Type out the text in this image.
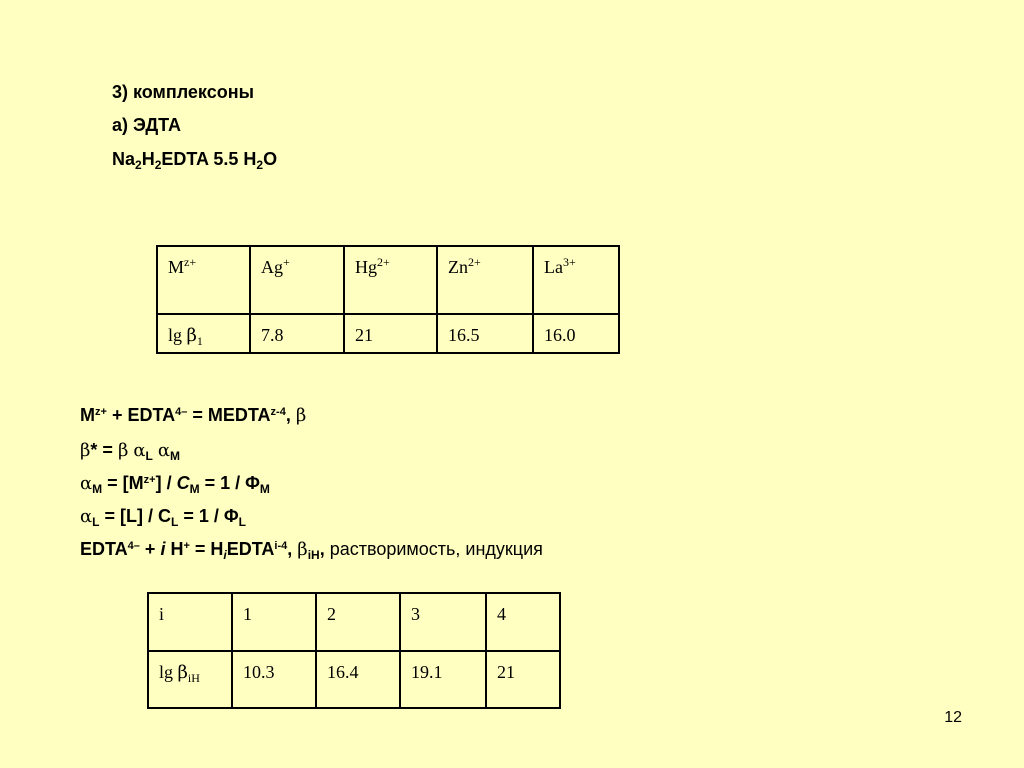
3) комплексоны
а) ЭДТА
$Na_2H_2EDTA$ 5.5 $H_2O$
$M^{z+}$	Ag+	$Hg^{2+}$	$Zn^{2+}$	$La^{3+}$
$\lg \beta_1$	7.8	21	16.5	16.0
$M^{z+}$ + $EDTA^{4-}$ = $MEDTA^{z-4}$, β
β* = β $\alpha_L$ $\alpha_M$
$\alpha_M = [M^{z+}] / C_M = 1 / \Phi_M$
$\alpha_L = [L] / C_L = 1 / \Phi_L$
$EDTA^{4-} + i$ $H^+ = H_iEDTA^{i-4}$, $\beta_{iH}$, растворимость, индукция
i	1	2	3	4
$\lg \beta_{iH}$	10.3	16.4	19.1	21
12
